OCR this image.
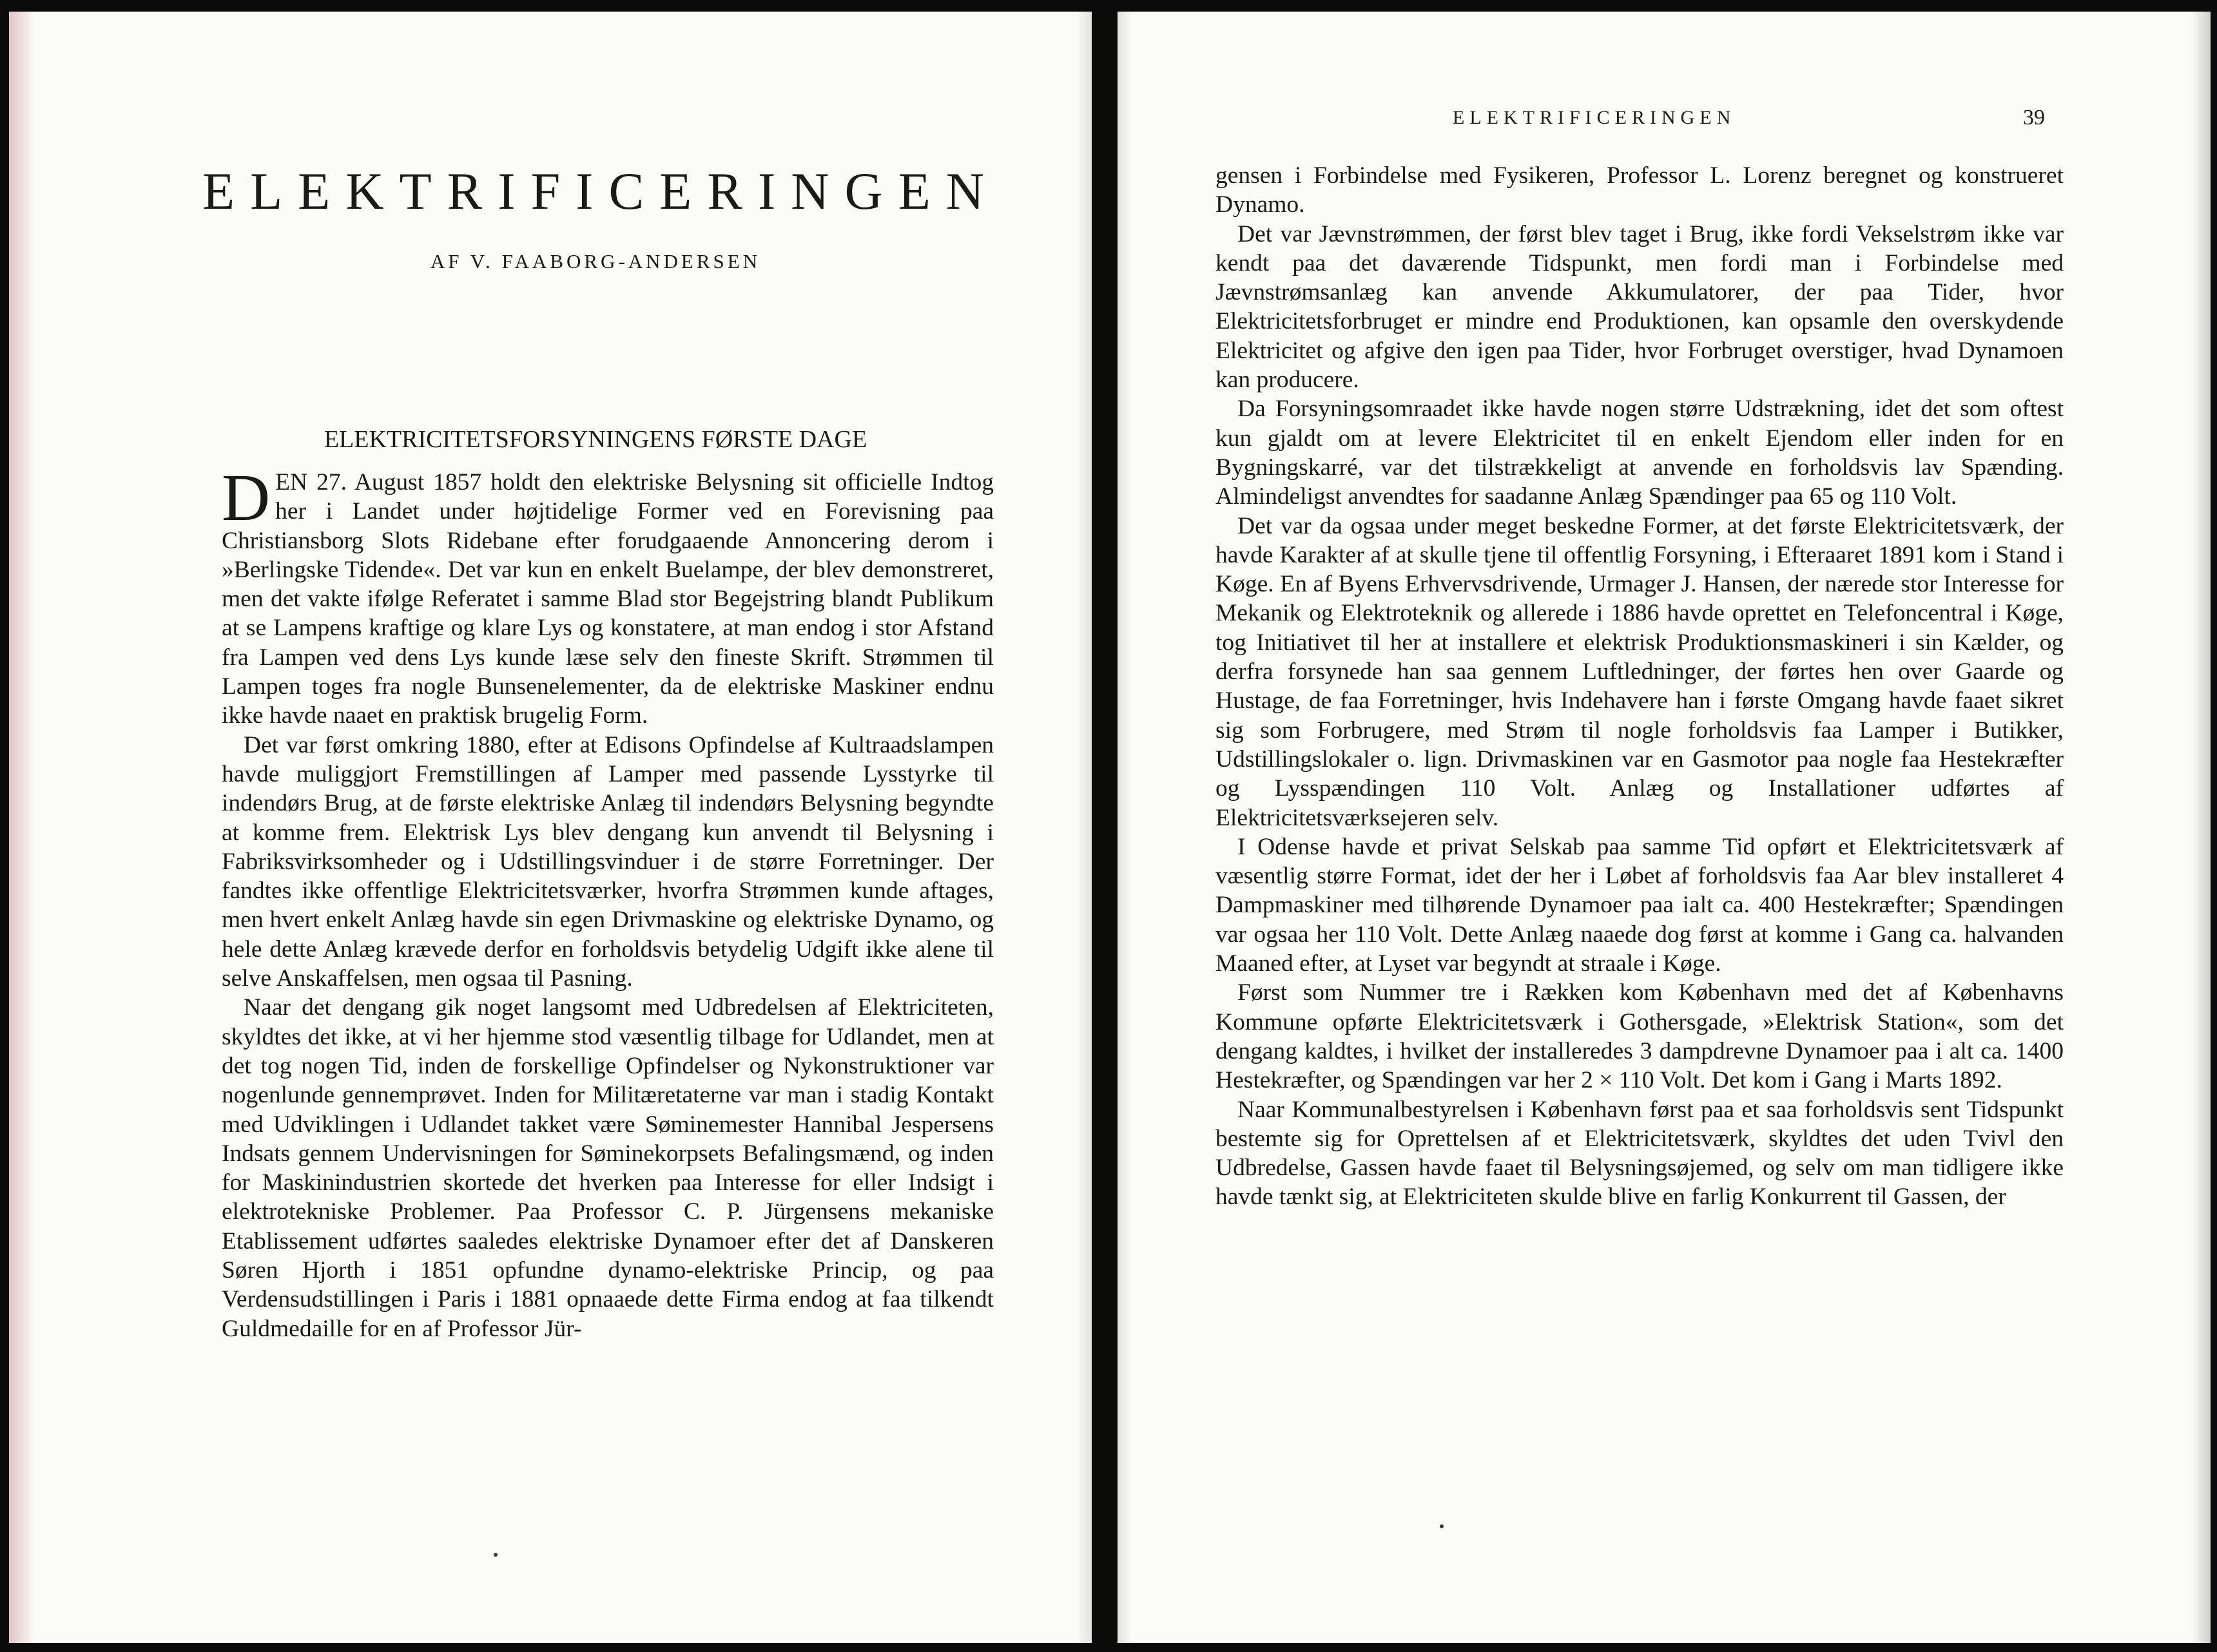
ELEKTRIFICERINGEN

AF V. FAABORG-ANDERSEN

ELEKTRICITETSFORSYNINGENS FØRSTE DAGE

DEN 27. August 1857 holdt den elektriske Belysning sit officielle Indtog her i Landet under højtidelige Former ved en Forevisning paa Christiansborg Slots Ridebane efter forudgaaende Annoncering derom i »Berlingske Tidende«. Det var kun en enkelt Buelampe, der blev demonstreret, men det vakte ifølge Referatet i samme Blad stor Begejstring blandt Publikum at se Lampens kraftige og klare Lys og konstatere, at man endog i stor Afstand fra Lampen ved dens Lys kunde læse selv den fineste Skrift. Strømmen til Lampen toges fra nogle Bunsenelementer, da de elektriske Maskiner endnu ikke havde naaet en praktisk brugelig Form.

Det var først omkring 1880, efter at Edisons Opfindelse af Kultraadslampen havde muliggjort Fremstillingen af Lamper med passende Lysstyrke til indendørs Brug, at de første elektriske Anlæg til indendørs Belysning begyndte at komme frem. Elektrisk Lys blev dengang kun anvendt til Belysning i Fabriksvirksomheder og i Udstillingsvinduer i de større Forretninger. Der fandtes ikke offentlige Elektricitetsværker, hvorfra Strømmen kunde aftages, men hvert enkelt Anlæg havde sin egen Drivmaskine og elektriske Dynamo, og hele dette Anlæg krævede derfor en forholdsvis betydelig Udgift ikke alene til selve Anskaffelsen, men ogsaa til Pasning.

Naar det dengang gik noget langsomt med Udbredelsen af Elektriciteten, skyldtes det ikke, at vi her hjemme stod væsentlig tilbage for Udlandet, men at det tog nogen Tid, inden de forskellige Opfindelser og Nykonstruktioner var nogenlunde gennemprøvet. Inden for Militæretaterne var man i stadig Kontakt med Udviklingen i Udlandet takket være Søminemester Hannibal Jespersens Indsats gennem Undervisningen for Søminekorpsets Befalingsmænd, og inden for Maskinindustrien skortede det hverken paa Interesse for eller Indsigt i elektrotekniske Problemer. Paa Professor C. P. Jürgensens mekaniske Etablissement udførtes saaledes elektriske Dynamoer efter det af Danskeren Søren Hjorth i 1851 opfundne dynamo-elektriske Princip, og paa Verdensudstillingen i Paris i 1881 opnaaede dette Firma endog at faa tilkendt Guldmedaille for en af Professor Jür-

ELEKTRIFICERINGEN	39

gensen i Forbindelse med Fysikeren, Professor L. Lorenz beregnet og konstrueret Dynamo.

Det var Jævnstrømmen, der først blev taget i Brug, ikke fordi Vekselstrøm ikke var kendt paa det daværende Tidspunkt, men fordi man i Forbindelse med Jævnstrømsanlæg kan anvende Akkumulatorer, der paa Tider, hvor Elektricitetsforbruget er mindre end Produktionen, kan opsamle den overskydende Elektricitet og afgive den igen paa Tider, hvor Forbruget overstiger, hvad Dynamoen kan producere.

Da Forsyningsomraadet ikke havde nogen større Udstrækning, idet det som oftest kun gjaldt om at levere Elektricitet til en enkelt Ejendom eller inden for en Bygningskarré, var det tilstrækkeligt at anvende en forholdsvis lav Spænding. Almindeligst anvendtes for saadanne Anlæg Spændinger paa 65 og 110 Volt.

Det var da ogsaa under meget beskedne Former, at det første Elektricitetsværk, der havde Karakter af at skulle tjene til offentlig Forsyning, i Efteraaret 1891 kom i Stand i Køge. En af Byens Erhvervsdrivende, Urmager J. Hansen, der nærede stor Interesse for Mekanik og Elektroteknik og allerede i 1886 havde oprettet en Telefoncentral i Køge, tog Initiativet til her at installere et elektrisk Produktionsmaskineri i sin Kælder, og derfra forsynede han saa gennem Luftledninger, der førtes hen over Gaarde og Hustage, de faa Forretninger, hvis Indehavere han i første Omgang havde faaet sikret sig som Forbrugere, med Strøm til nogle forholdsvis faa Lamper i Butikker, Udstillingslokaler o. lign. Drivmaskinen var en Gasmotor paa nogle faa Hestekræfter og Lysspændingen 110 Volt. Anlæg og Installationer udførtes af Elektricitetsværksejeren selv.

I Odense havde et privat Selskab paa samme Tid opført et Elektricitetsværk af væsentlig større Format, idet der her i Løbet af forholdsvis faa Aar blev installeret 4 Dampmaskiner med tilhørende Dynamoer paa ialt ca. 400 Hestekræfter; Spændingen var ogsaa her 110 Volt. Dette Anlæg naaede dog først at komme i Gang ca. halvanden Maaned efter, at Lyset var begyndt at straale i Køge.

Først som Nummer tre i Rækken kom København med det af Københavns Kommune opførte Elektricitetsværk i Gothersgade, »Elektrisk Station«, som det dengang kaldtes, i hvilket der installeredes 3 dampdrevne Dynamoer paa i alt ca. 1400 Hestekræfter, og Spændingen var her 2 × 110 Volt. Det kom i Gang i Marts 1892.

Naar Kommunalbestyrelsen i København først paa et saa forholdsvis sent Tidspunkt bestemte sig for Oprettelsen af et Elektricitetsværk, skyldtes det uden Tvivl den Udbredelse, Gassen havde faaet til Belysningsøjemed, og selv om man tidligere ikke havde tænkt sig, at Elektriciteten skulde blive en farlig Konkurrent til Gassen, der
